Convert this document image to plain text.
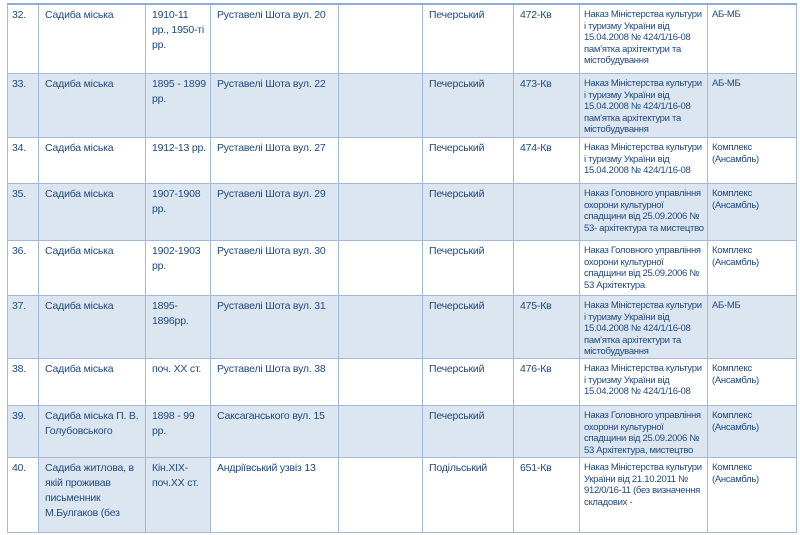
32.	Садиба міська	1910-11 рр., 1950-ті рр.	Руставелі Шота вул. 20		Печерський	472-Кв	Наказ Міністерства культури і туризму України від 15.04.2008 № 424/1/16-08 пам’ятка архітектури та містобудування	АБ-МБ

33.	Садиба міська	1895 - 1899 рр.	Руставелі Шота вул. 22		Печерський	473-Кв	Наказ Міністерства культури і туризму України від 15.04.2008 № 424/1/16-08 пам’ятка архітектури та містобудування	АБ-МБ

34.	Садиба міська	1912-13 рр.	Руставелі Шота вул. 27		Печерський	474-Кв	Наказ Міністерства культури і туризму України від 15.04.2008 № 424/1/16-08	Комплекс (Ансамбль)

35.	Садиба міська	1907-1908 рр.	Руставелі Шота вул. 29		Печерський		Наказ Головного управління охорони культурної спадщини від 25.09.2006 № 53- архітектура та мистецтво	Комплекс (Ансамбль)

36.	Садиба міська	1902-1903 рр.	Руставелі Шота вул. 30		Печерський		Наказ Головного управління охорони культурної спадщини від 25.09.2006 № 53 Архітектура	Комплекс (Ансамбль)

37.	Садиба міська	1895-1896рр.	Руставелі Шота вул. 31		Печерський	475-Кв	Наказ Міністерства культури і туризму України від 15.04.2008 № 424/1/16-08 пам’ятка архітектури та містобудування	АБ-МБ

38.	Садиба міська	поч. ХХ ст.	Руставелі Шота вул. 38		Печерський	476-Кв	Наказ Міністерства культури і туризму України від 15.04.2008 № 424/1/16-08	Комплекс (Ансамбль)

39.	Садиба міська П. В. Голубовського	1898 - 99 рр.	Саксаганського вул. 15		Печерський		Наказ Головного управління охорони культурної спадщини від 25.09.2006 № 53 Архітектура, мистецтво	Комплекс (Ансамбль)

40.	Садиба житлова, в якій проживав письменник М.Булгаков (без	Кін.ХІХ-поч.ХХ ст.	Андріївський узвіз 13		Подільський	651-Кв	Наказ Міністерства культури України від 21.10.2011 № 912/0/16-11 (без визначення складових -	Комплекс (Ансамбль)
